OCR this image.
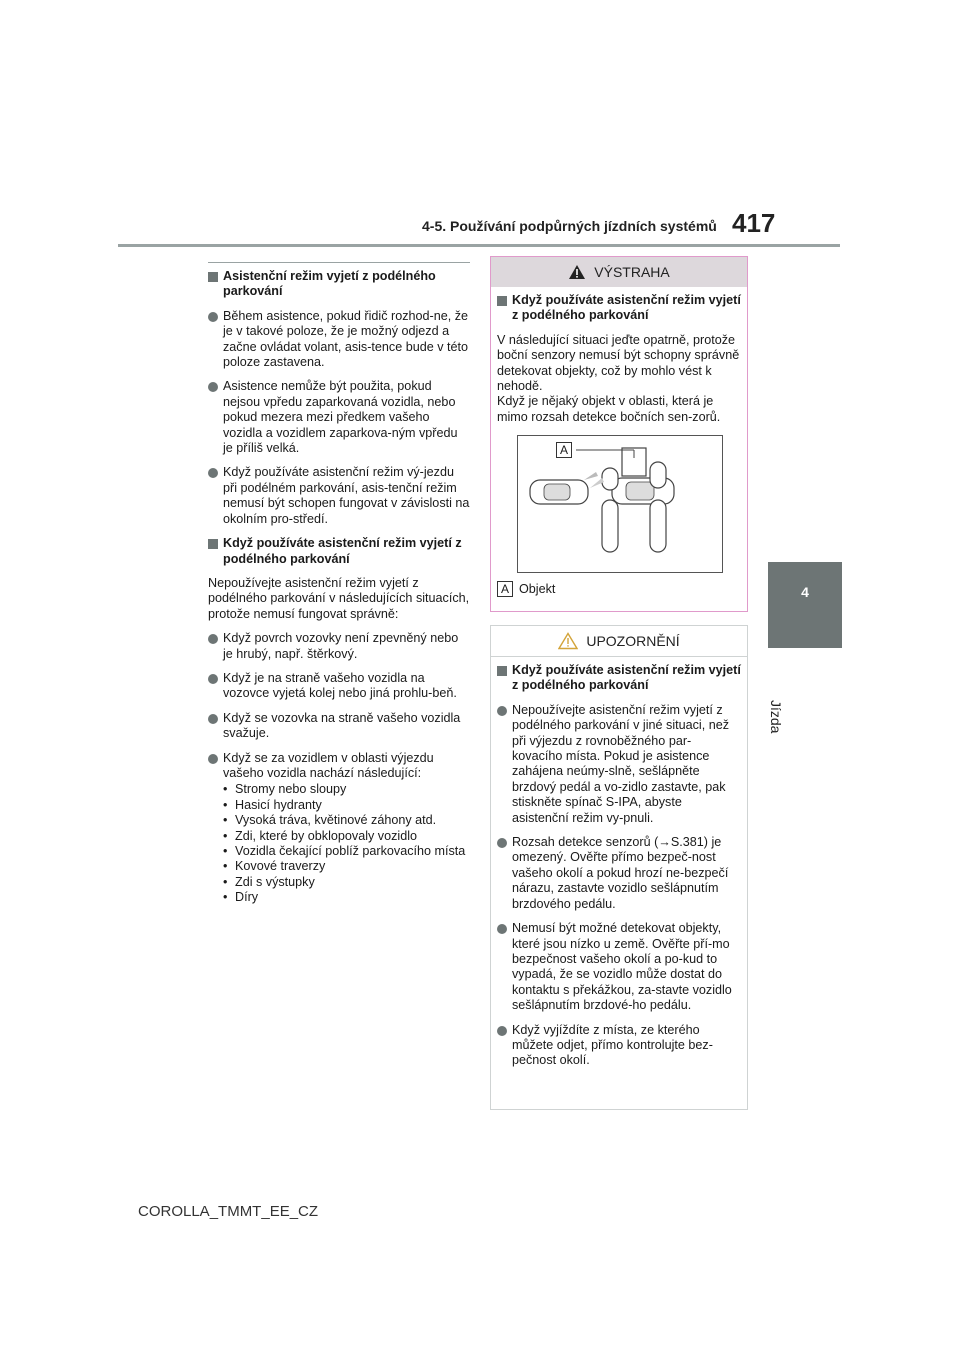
4-5. Používání podpůrných jízdních systémů 417
4
Jízda
Asistenční režim vyjetí z podélného parkování
Během asistence, pokud řidič rozhod-ne, že je v takové poloze, že je možný odjezd a začne ovládat volant, asis-tence bude v této poloze zastavena.
Asistence nemůže být použita, pokud nejsou vpředu zaparkovaná vozidla, nebo pokud mezera mezi předkem vašeho vozidla a vozidlem zaparkova-ným vpředu je příliš velká.
Když používáte asistenční režim vý-jezdu při podélném parkování, asis-tenční režim nemusí být schopen fungovat v závislosti na okolním pro-středí.
Když používáte asistenční režim vyjetí z podélného parkování
Nepoužívejte asistenční režim vyjetí z podélného parkování v následujících situacích, protože nemusí fungovat správně:
Když povrch vozovky není zpevněný nebo je hrubý, např. štěrkový.
Když je na straně vašeho vozidla na vozovce vyjetá kolej nebo jiná prohlu-beň.
Když se vozovka na straně vašeho vozidla svažuje.
Když se za vozidlem v oblasti výjezdu vašeho vozidla nachází následující:
• Stromy nebo sloupy
• Hasicí hydranty
• Vysoká tráva, květinové záhony atd.
• Zdi, které by obklopovaly vozidlo
• Vozidla čekající poblíž parkovacího místa
• Kovové traverzy
• Zdi s výstupky
• Díry
VÝSTRAHA
Když používáte asistenční režim vyjetí z podélného parkování
V následující situaci jeďte opatrně, protože boční senzory nemusí být schopny správně detekovat objekty, což by mohlo vést k nehodě.
Když je nějaký objekt v oblasti, která je mimo rozsah detekce bočních sen-zorů.
A
A Objekt
UPOZORNĚNÍ
Když používáte asistenční režim vyjetí z podélného parkování
Nepoužívejte asistenční režim vyjetí z podélného parkování v jiné situaci, než při výjezdu z rovnoběžného par-kovacího místa. Pokud je asistence zahájena neúmy-slně, sešlápněte brzdový pedál a vo-zidlo zastavte, pak stiskněte spínač S-IPA, abyste asistenční režim vy-pnuli.
Rozsah detekce senzorů (→S.381) je omezený. Ověřte přímo bezpeč-nost vašeho okolí a pokud hrozí ne-bezpečí nárazu, zastavte vozidlo sešlápnutím brzdového pedálu.
Nemusí být možné detekovat objekty, které jsou nízko u země. Ověřte pří-mo bezpečnost vašeho okolí a po-kud to vypadá, že se vozidlo může dostat do kontaktu s překážkou, za-stavte vozidlo sešlápnutím brzdové-ho pedálu.
Když vyjíždíte z místa, ze kterého můžete odjet, přímo kontrolujte bez-pečnost okolí.
COROLLA_TMMT_EE_CZ
